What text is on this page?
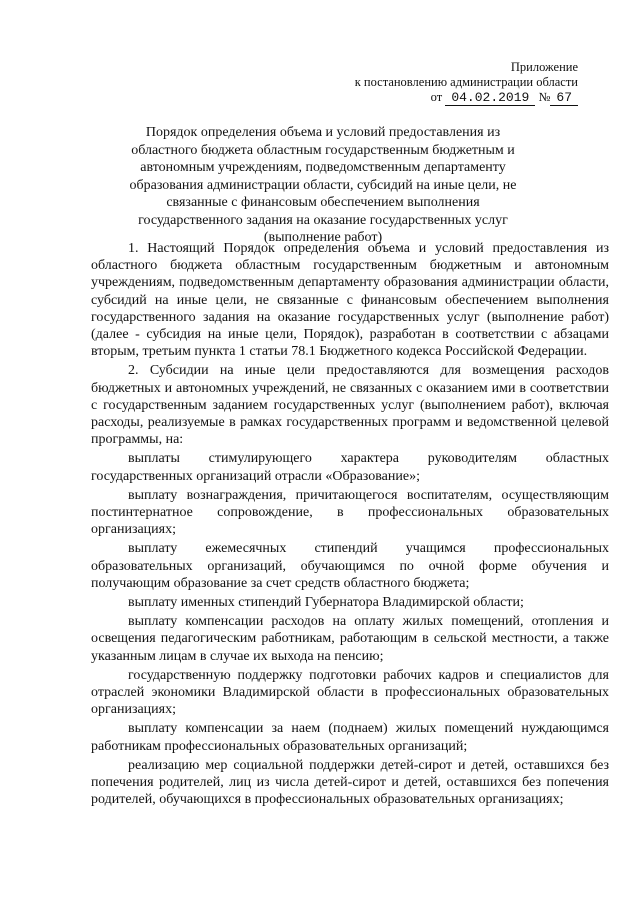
Приложение
к постановлению администрации области
от 04.02.2019 № 67
Порядок определения объема и условий предоставления из областного бюджета областным государственным бюджетным и автономным учреждениям, подведомственным департаменту образования администрации области, субсидий на иные цели, не связанные с финансовым обеспечением выполнения государственного задания на оказание государственных услуг (выполнение работ)

1. Настоящий Порядок определения объема и условий предоставления из областного бюджета областным государственным бюджетным и автономным учреждениям, подведомственным департаменту образования администрации области, субсидий на иные цели, не связанные с финансовым обеспечением выполнения государственного задания на оказание государственных услуг (выполнение работ) (далее - субсидия на иные цели, Порядок), разработан в соответствии с абзацами вторым, третьим пункта 1 статьи 78.1 Бюджетного кодекса Российской Федерации.

2. Субсидии на иные цели предоставляются для возмещения расходов бюджетных и автономных учреждений, не связанных с оказанием ими в соответствии с государственным заданием государственных услуг (выполнением работ), включая расходы, реализуемые в рамках государственных программ и ведомственной целевой программы, на:

выплаты стимулирующего характера руководителям областных государственных организаций отрасли «Образование»;

выплату вознаграждения, причитающегося воспитателям, осуществляющим постинтернатное сопровождение, в профессиональных образовательных организациях;

выплату ежемесячных стипендий учащимся профессиональных образовательных организаций, обучающимся по очной форме обучения и получающим образование за счет средств областного бюджета;

выплату именных стипендий Губернатора Владимирской области;

выплату компенсации расходов на оплату жилых помещений, отопления и освещения педагогическим работникам, работающим в сельской местности, а также указанным лицам в случае их выхода на пенсию;

государственную поддержку подготовки рабочих кадров и специалистов для отраслей экономики Владимирской области в профессиональных образовательных организациях;

выплату компенсации за наем (поднаем) жилых помещений нуждающимся работникам профессиональных образовательных организаций;

реализацию мер социальной поддержки детей-сирот и детей, оставшихся без попечения родителей, лиц из числа детей-сирот и детей, оставшихся без попечения родителей, обучающихся в профессиональных образовательных организациях;
